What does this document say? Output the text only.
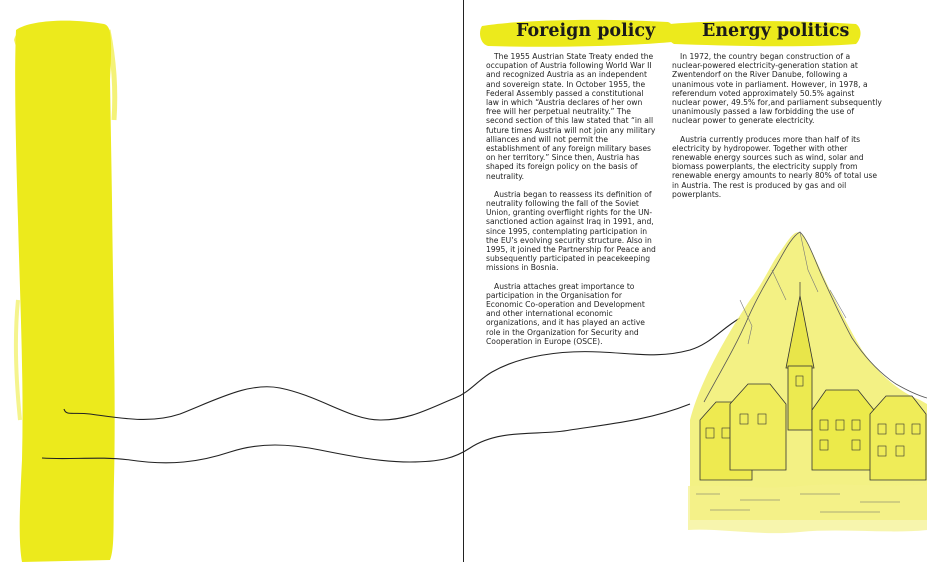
Foreign policy

The 1955 Austrian State Treaty ended the occupation of Austria following World War II and recognized Austria as an independent and sovereign state. In October 1955, the Federal Assembly passed a constitutional law in which “Austria declares of her own free will her perpetual neutrality.” The second section of this law stated that “in all future times Austria will not join any military alliances and will not permit the establishment of any foreign military bases on her territory.” Since then, Austria has shaped its foreign policy on the basis of neutrality.

Austria began to reassess its definition of neutrality following the fall of the Soviet Union, granting overflight rights for the UN-sanctioned action against Iraq in 1991, and, since 1995, contemplating participation in the EU’s evolving security structure. Also in 1995, it joined the Partnership for Peace and subsequently participated in peacekeeping missions in Bosnia.

Austria attaches great importance to participation in the Organisation for Economic Co-operation and Development and other international economic organizations, and it has played an active role in the Organization for Security and Cooperation in Europe (OSCE).

Energy politics

In 1972, the country began construction of a nuclear-powered electricity-generation station at Zwentendorf on the River Danube, following a unanimous vote in parliament. However, in 1978, a referendum voted approximately 50.5% against nuclear power, 49.5% for,and parliament subsequently unanimously passed a law forbidding the use of nuclear power to generate electricity.

Austria currently produces more than half of its electricity by hydropower. Together with other renewable energy sources such as wind, solar and biomass powerplants, the electricity supply from renewable energy amounts to nearly 80% of total use in Austria. The rest is produced by gas and oil powerplants.
